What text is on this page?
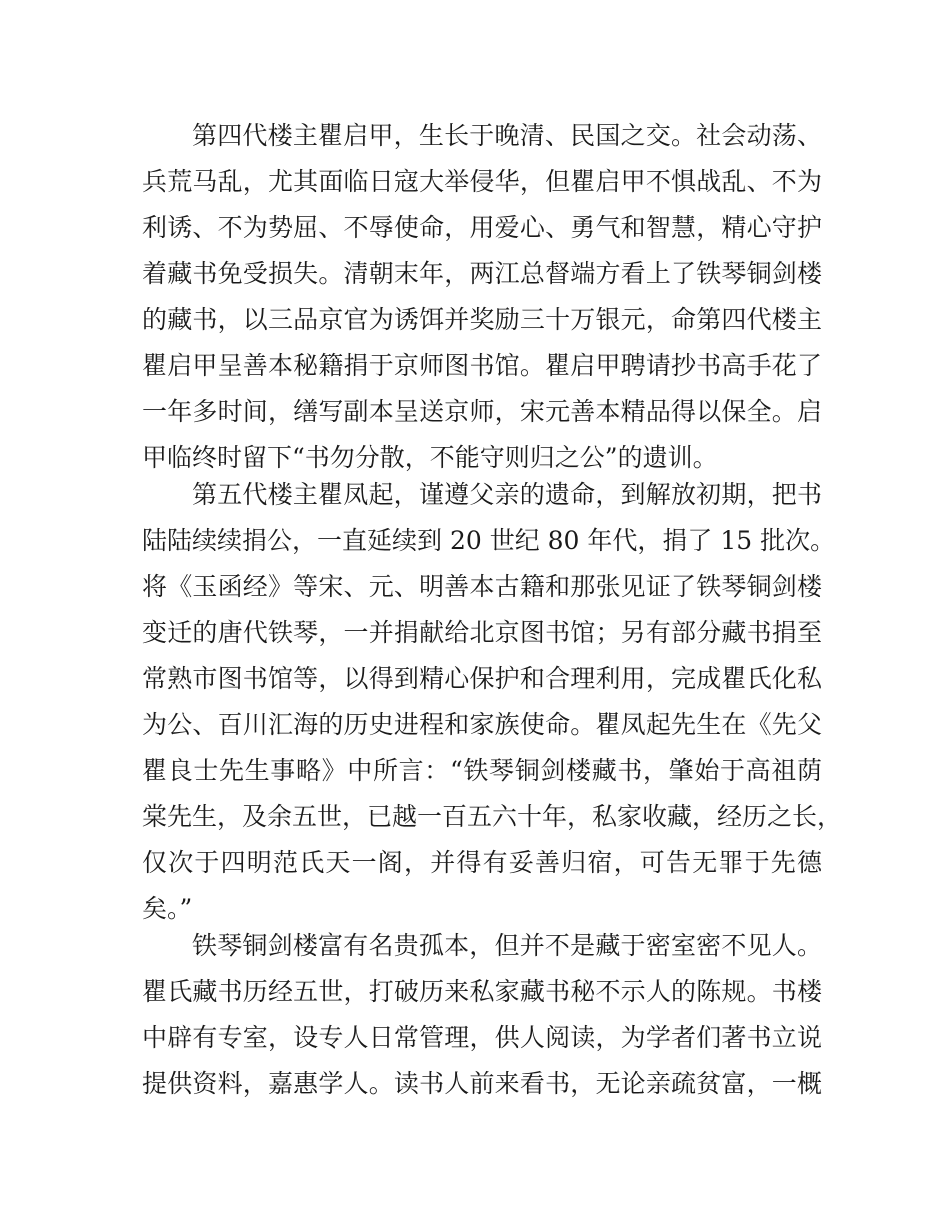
第四代楼主瞿启甲，生长于晚清、民国之交。社会动荡、
兵荒马乱，尤其面临日寇大举侵华，但瞿启甲不惧战乱、不为
利诱、不为势屈、不辱使命，用爱心、勇气和智慧，精心守护
着藏书免受损失。清朝末年，两江总督端方看上了铁琴铜剑楼
的藏书，以三品京官为诱饵并奖励三十万银元，命第四代楼主
瞿启甲呈善本秘籍捐于京师图书馆。瞿启甲聘请抄书高手花了
一年多时间，缮写副本呈送京师，宋元善本精品得以保全。启
甲临终时留下“书勿分散，不能守则归之公”的遗训。
第五代楼主瞿凤起，谨遵父亲的遗命，到解放初期，把书
陆陆续续捐公，一直延续到 20 世纪 80 年代，捐了 15 批次。
将《玉函经》等宋、元、明善本古籍和那张见证了铁琴铜剑楼
变迁的唐代铁琴，一并捐献给北京图书馆；另有部分藏书捐至
常熟市图书馆等，以得到精心保护和合理利用，完成瞿氏化私
为公、百川汇海的历史进程和家族使命。瞿凤起先生在《先父
瞿良士先生事略》中所言：“铁琴铜剑楼藏书，肇始于高祖荫
棠先生，及余五世，已越一百五六十年，私家收藏，经历之长，
仅次于四明范氏天一阁，并得有妥善归宿，可告无罪于先德
矣。”
铁琴铜剑楼富有名贵孤本，但并不是藏于密室密不见人。
瞿氏藏书历经五世，打破历来私家藏书秘不示人的陈规。书楼
中辟有专室，设专人日常管理，供人阅读，为学者们著书立说
提供资料，嘉惠学人。读书人前来看书，无论亲疏贫富，一概
